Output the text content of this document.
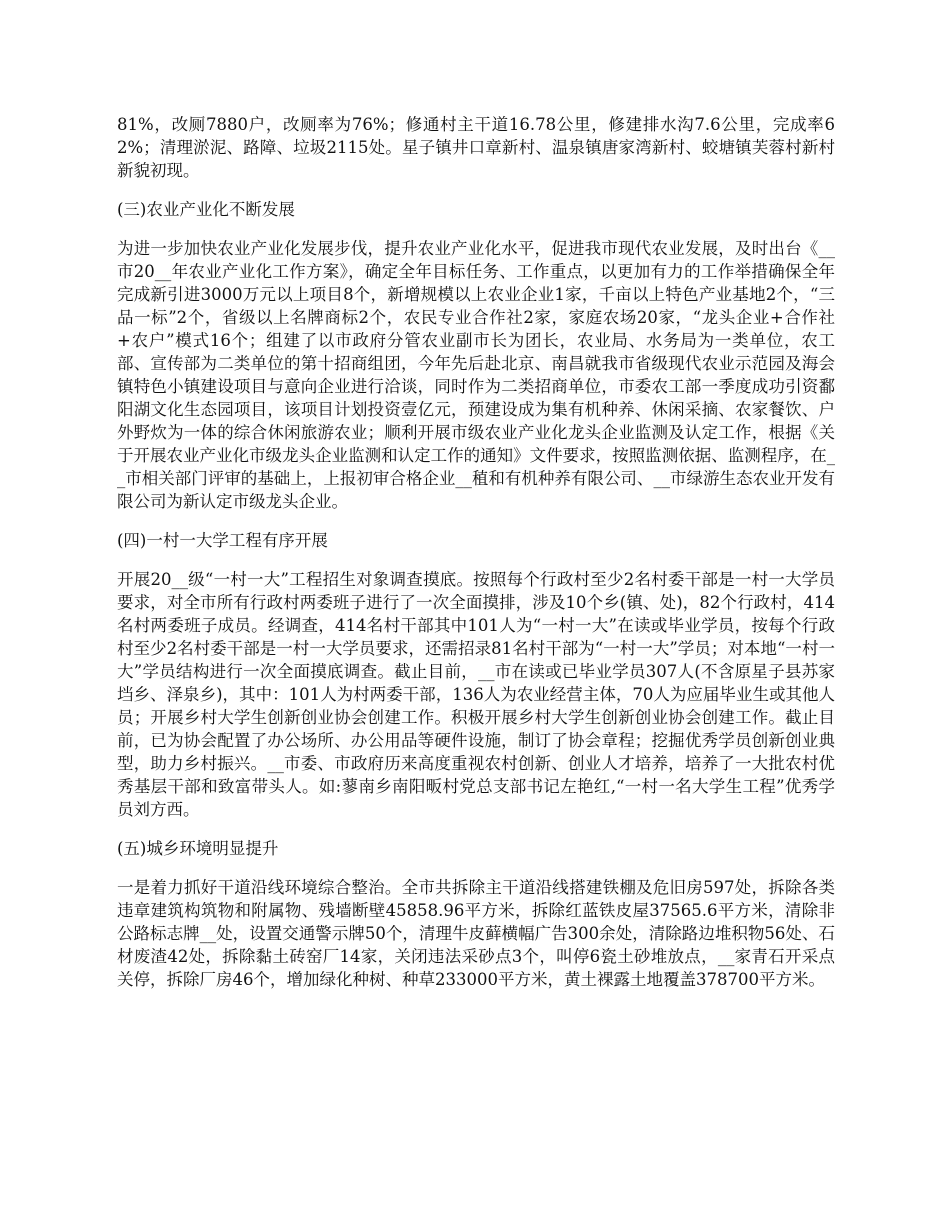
81%，改厕7880户，改厕率为76%；修通村主干道16.78公里，修建排水沟7.6公里，完成率62%；清理淤泥、路障、垃圾2115处。星子镇井口章新村、温泉镇唐家湾新村、蛟塘镇芙蓉村新村新貌初现。

(三)农业产业化不断发展

为进一步加快农业产业化发展步伐，提升农业产业化水平，促进我市现代农业发展，及时出台《__市20__年农业产业化工作方案》，确定全年目标任务、工作重点，以更加有力的工作举措确保全年完成新引进3000万元以上项目8个，新增规模以上农业企业1家，千亩以上特色产业基地2个，“三品一标”2个，省级以上名牌商标2个，农民专业合作社2家，家庭农场20家，“龙头企业+合作社+农户”模式16个；组建了以市政府分管农业副市长为团长，农业局、水务局为一类单位，农工部、宣传部为二类单位的第十招商组团，今年先后赴北京、南昌就我市省级现代农业示范园及海会镇特色小镇建设项目与意向企业进行洽谈，同时作为二类招商单位，市委农工部一季度成功引资鄱阳湖文化生态园项目，该项目计划投资壹亿元，预建设成为集有机种养、休闲采摘、农家餐饮、户外野炊为一体的综合休闲旅游农业；顺利开展市级农业产业化龙头企业监测及认定工作，根据《关于开展农业产业化市级龙头企业监测和认定工作的通知》文件要求，按照监测依据、监测程序，在__市相关部门评审的基础上，上报初审合格企业__稙和有机种养有限公司、__市绿游生态农业开发有限公司为新认定市级龙头企业。

(四)一村一大学工程有序开展

开展20__级“一村一大”工程招生对象调查摸底。按照每个行政村至少2名村委干部是一村一大学员要求，对全市所有行政村两委班子进行了一次全面摸排，涉及10个乡(镇、处)，82个行政村，414名村两委班子成员。经调查，414名村干部其中101人为“一村一大”在读或毕业学员，按每个行政村至少2名村委干部是一村一大学员要求，还需招录81名村干部为“一村一大”学员；对本地“一村一大”学员结构进行一次全面摸底调查。截止目前，__市在读或已毕业学员307人(不含原星子县苏家垱乡、泽泉乡)，其中：101人为村两委干部，136人为农业经营主体，70人为应届毕业生或其他人员；开展乡村大学生创新创业协会创建工作。积极开展乡村大学生创新创业协会创建工作。截止目前，已为协会配置了办公场所、办公用品等硬件设施，制订了协会章程；挖掘优秀学员创新创业典型，助力乡村振兴。__市委、市政府历来高度重视农村创新、创业人才培养，培养了一大批农村优秀基层干部和致富带头人。如:蓼南乡南阳畈村党总支部书记左艳红,“一村一名大学生工程”优秀学员刘方西。

(五)城乡环境明显提升

一是着力抓好干道沿线环境综合整治。全市共拆除主干道沿线搭建铁棚及危旧房597处，拆除各类违章建筑构筑物和附属物、残墙断壁45858.96平方米，拆除红蓝铁皮屋37565.6平方米，清除非公路标志牌__处，设置交通警示牌50个，清理牛皮藓横幅广告300余处，清除路边堆积物56处、石材废渣42处，拆除黏土砖窑厂14家，关闭违法采砂点3个，叫停6瓷土砂堆放点，__家青石开采点关停，拆除厂房46个，增加绿化种树、种草233000平方米，黄土裸露土地覆盖378700平方米。
